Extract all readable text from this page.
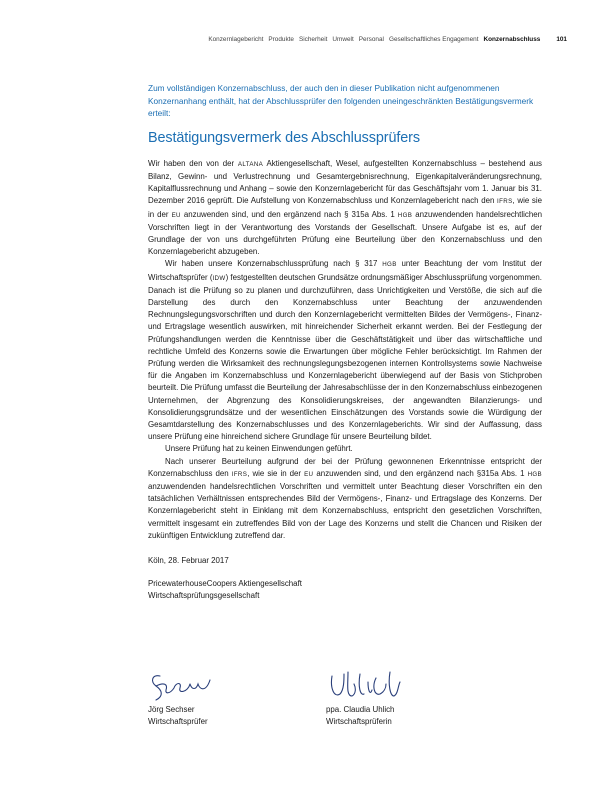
Konzernlagebericht Produkte Sicherheit Umwelt Personal Gesellschaftliches Engagement Konzernabschluss	101

Zum vollständigen Konzernabschluss, der auch den in dieser Publikation nicht aufgenommenen Konzernanhang enthält, hat der Abschlussprüfer den folgenden uneingeschränkten Bestätigungsvermerk erteilt:

Bestätigungsvermerk des Abschlussprüfers

Wir haben den von der ALTANA Aktiengesellschaft, Wesel, aufgestellten Konzernabschluss – bestehend aus Bilanz, Gewinn- und Verlustrechnung und Gesamtergebnisrechnung, Eigenkapitalveränderungsrechnung, Kapitalflussrechnung und Anhang – sowie den Konzernlagebericht für das Geschäftsjahr vom 1. Januar bis 31. Dezember 2016 geprüft. Die Aufstellung von Konzernabschluss und Konzernlagebericht nach den IFRS, wie sie in der EU anzuwenden sind, und den ergänzend nach § 315a Abs. 1 HGB anzuwendenden handelsrechtlichen Vorschriften liegt in der Verantwortung des Vorstands der Gesellschaft. Unsere Aufgabe ist es, auf der Grundlage der von uns durchgeführten Prüfung eine Beurteilung über den Konzernabschluss und den Konzernlagebericht abzugeben.

Wir haben unsere Konzernabschlussprüfung nach § 317 HGB unter Beachtung der vom Institut der Wirtschaftsprüfer (IDW) festgestellten deutschen Grundsätze ordnungsmäßiger Abschlussprüfung vorgenommen. Danach ist die Prüfung so zu planen und durchzuführen, dass Unrichtigkeiten und Verstöße, die sich auf die Darstellung des durch den Konzernabschluss unter Beachtung der anzuwendenden Rechnungslegungsvorschriften und durch den Konzernlagebericht vermittelten Bildes der Vermögens-, Finanz- und Ertragslage wesentlich auswirken, mit hinreichender Sicherheit erkannt werden. Bei der Festlegung der Prüfungshandlungen werden die Kenntnisse über die Geschäftstätigkeit und über das wirtschaftliche und rechtliche Umfeld des Konzerns sowie die Erwartungen über mögliche Fehler berücksichtigt. Im Rahmen der Prüfung werden die Wirksamkeit des rechnungslegungsbezogenen internen Kontrollsystems sowie Nachweise für die Angaben im Konzernabschluss und Konzernlagebericht überwiegend auf der Basis von Stichproben beurteilt. Die Prüfung umfasst die Beurteilung der Jahresabschlüsse der in den Konzernabschluss einbezogenen Unternehmen, der Abgrenzung des Konsolidierungskreises, der angewandten Bilanzierungs- und Konsolidierungsgrundsätze und der wesentlichen Einschätzungen des Vorstands sowie die Würdigung der Gesamtdarstellung des Konzernabschlusses und des Konzernlageberichts. Wir sind der Auffassung, dass unsere Prüfung eine hinreichend sichere Grundlage für unsere Beurteilung bildet.

Unsere Prüfung hat zu keinen Einwendungen geführt.

Nach unserer Beurteilung aufgrund der bei der Prüfung gewonnenen Erkenntnisse entspricht der Konzernabschluss den IFRS, wie sie in der EU anzuwenden sind, und den ergänzend nach §315a Abs. 1 HGB anzuwendenden handelsrechtlichen Vorschriften und vermittelt unter Beachtung dieser Vorschriften ein den tatsächlichen Verhältnissen entsprechendes Bild der Vermögens-, Finanz- und Ertragslage des Konzerns. Der Konzernlagebericht steht in Einklang mit dem Konzernabschluss, entspricht den gesetzlichen Vorschriften, vermittelt insgesamt ein zutreffendes Bild von der Lage des Konzerns und stellt die Chancen und Risiken der zukünftigen Entwicklung zutreffend dar.

Köln, 28. Februar 2017

PricewaterhouseCoopers Aktiengesellschaft

Wirtschaftsprüfungsgesellschaft

Jörg Sechser
Wirtschaftsprüfer
ppa. Claudia Uhlich
Wirtschaftsprüferin
